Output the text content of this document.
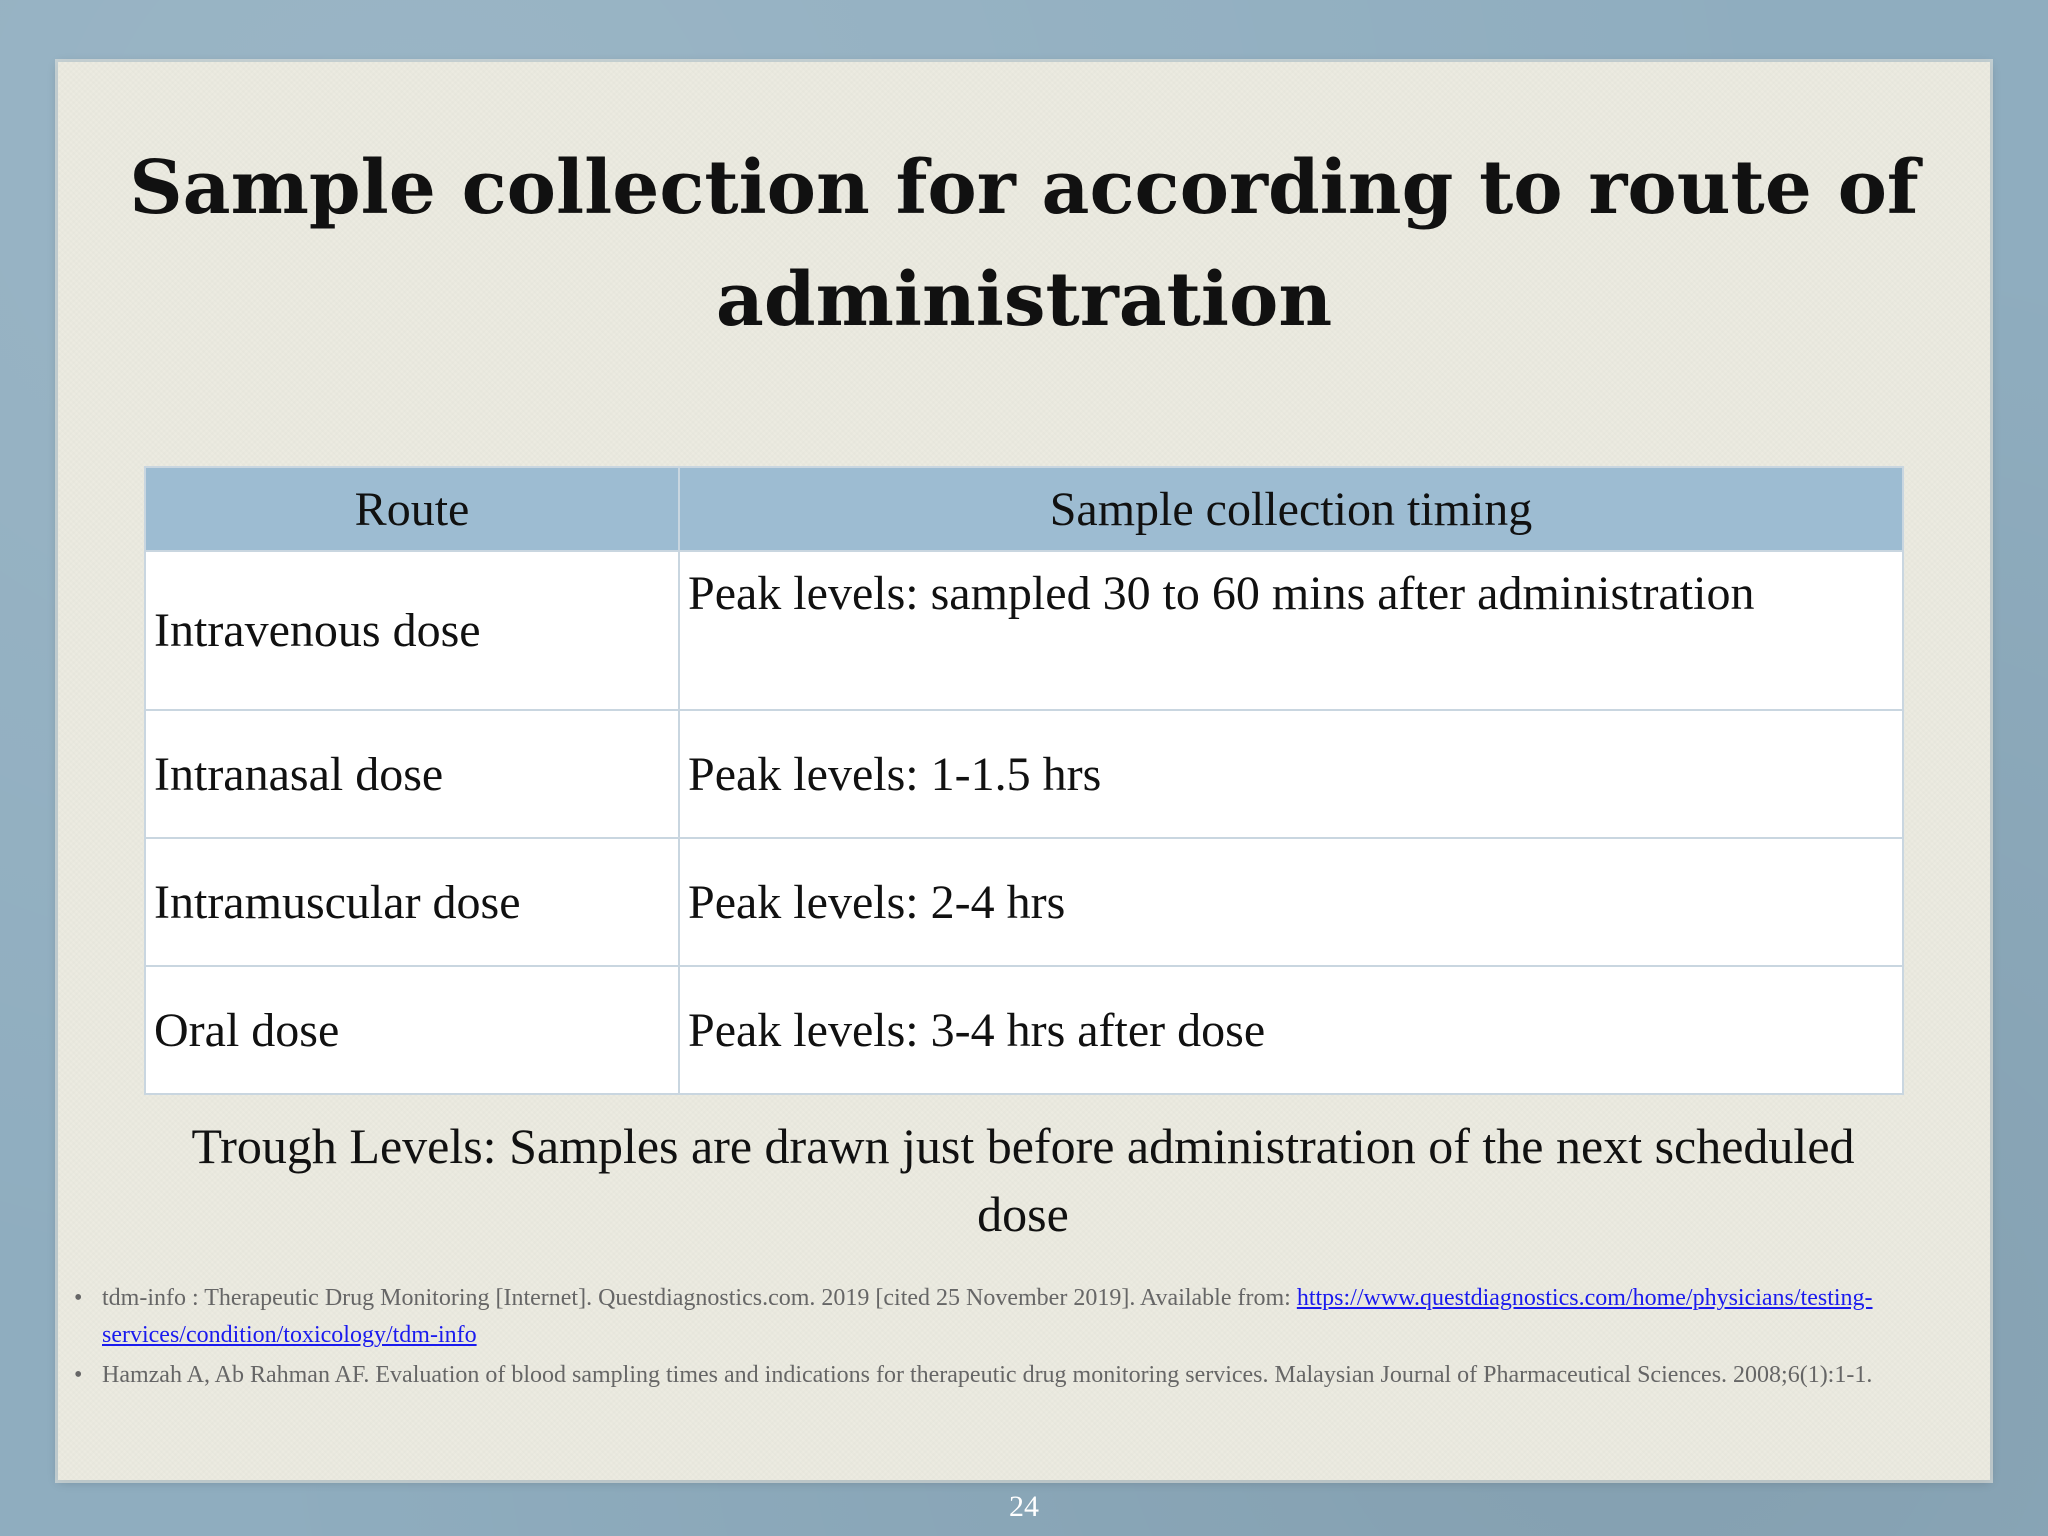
Sample collection for according to route of administration
Route	Sample collection timing
Intravenous dose	Peak levels: sampled 30 to 60 mins after administration
Intranasal dose	Peak levels: 1-1.5 hrs
Intramuscular dose	Peak levels: 2-4 hrs
Oral dose	Peak levels: 3-4 hrs after dose
Trough Levels: Samples are drawn just before administration of the next scheduled dose
• tdm-info : Therapeutic Drug Monitoring [Internet]. Questdiagnostics.com. 2019 [cited 25 November 2019]. Available from: https://www.questdiagnostics.com/home/physicians/testing-services/condition/toxicology/tdm-info
• Hamzah A, Ab Rahman AF. Evaluation of blood sampling times and indications for therapeutic drug monitoring services. Malaysian Journal of Pharmaceutical Sciences. 2008;6(1):1-1.
24
